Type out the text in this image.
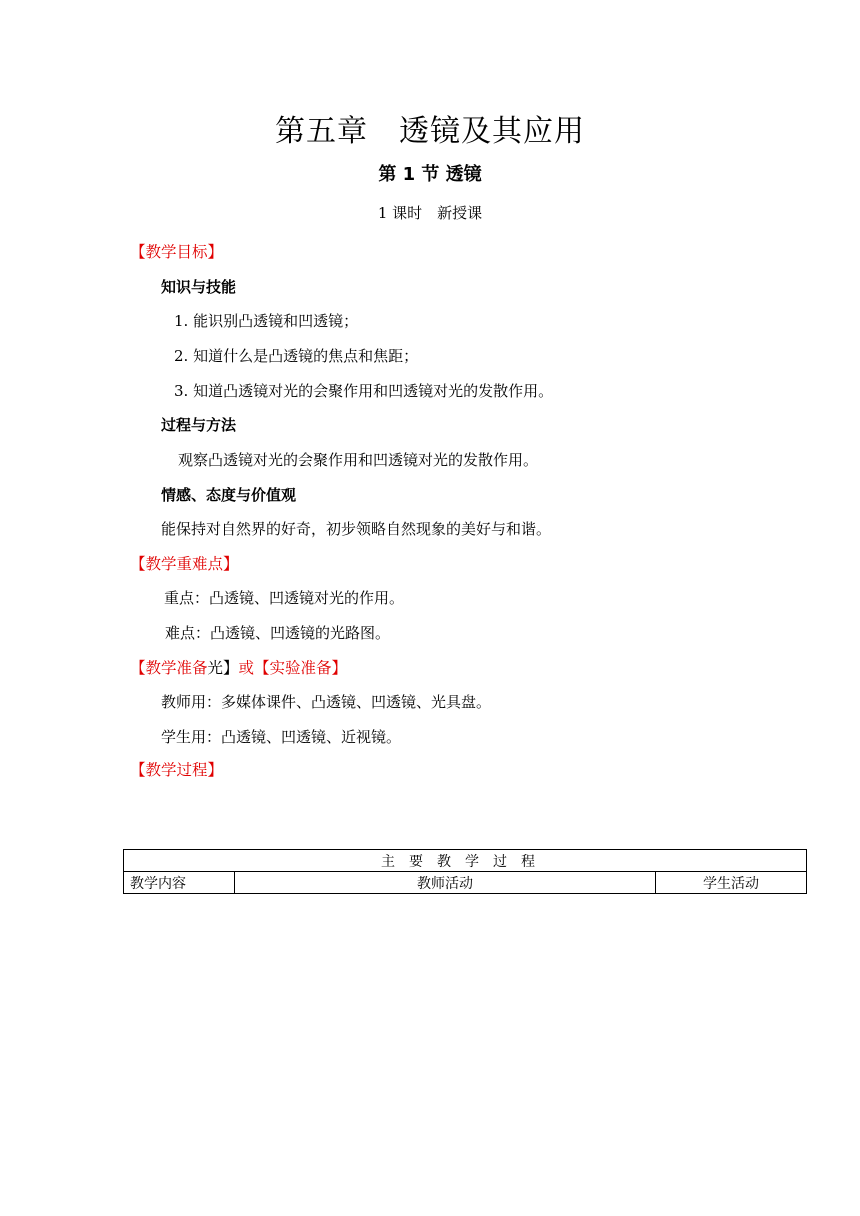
第五章　透镜及其应用
第 1 节 透镜
1 课时　新授课
【教学目标】
知识与技能
1. 能识别凸透镜和凹透镜；
2. 知道什么是凸透镜的焦点和焦距；
3. 知道凸透镜对光的会聚作用和凹透镜对光的发散作用。
过程与方法
观察凸透镜对光的会聚作用和凹透镜对光的发散作用。
情感、态度与价值观
能保持对自然界的好奇，初步领略自然现象的美好与和谐。
【教学重难点】
重点：凸透镜、凹透镜对光的作用。
难点：凸透镜、凹透镜的光路图。
【教学准备光】或【实验准备】
教师用：多媒体课件、凸透镜、凹透镜、光具盘。
学生用：凸透镜、凹透镜、近视镜。
【教学过程】
主要教学过程
教学内容	教师活动	学生活动
